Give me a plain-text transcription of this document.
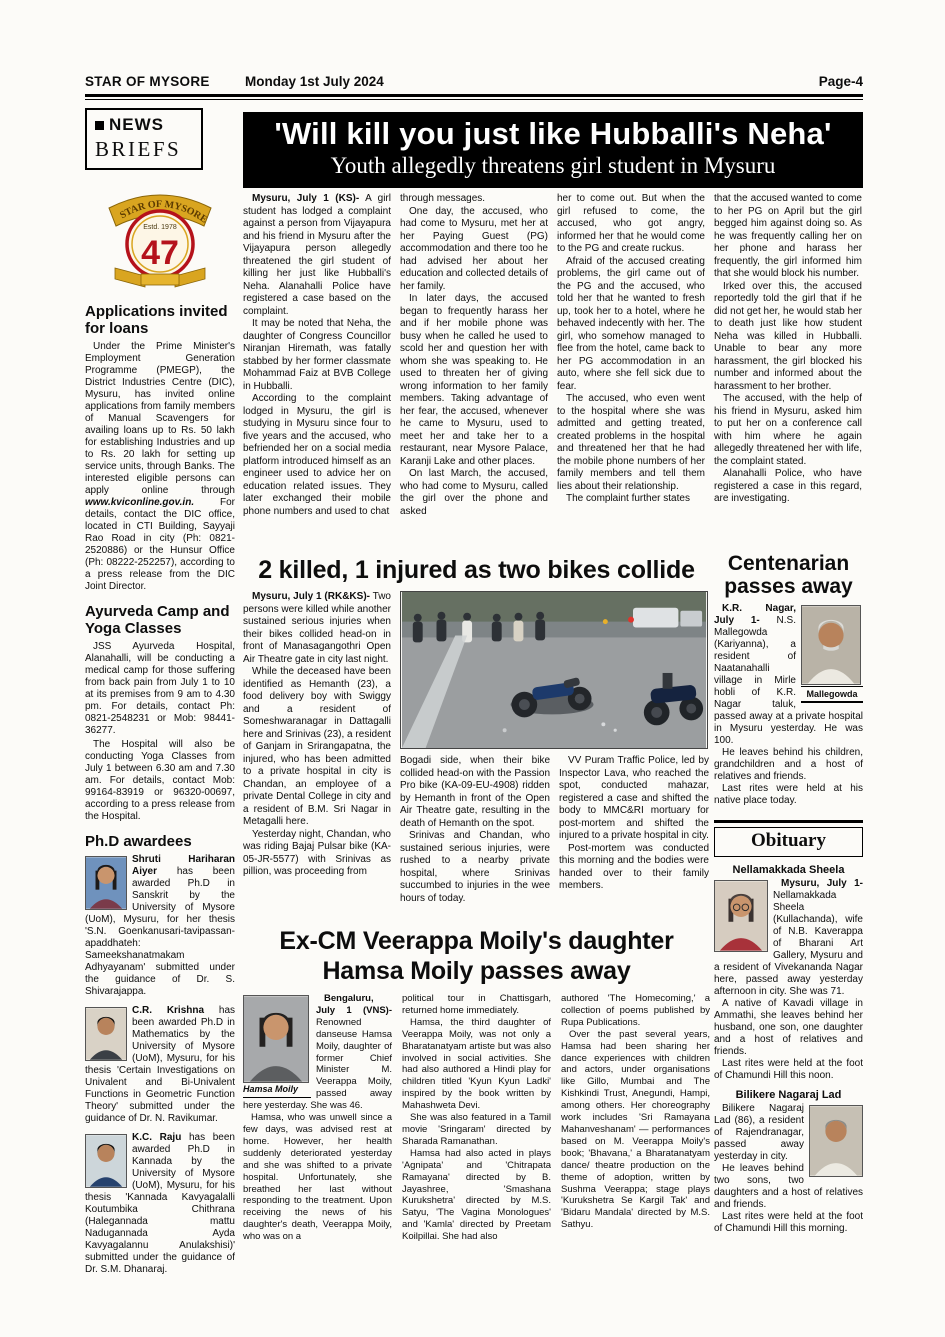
STAR OF MYSORE	Monday 1st July 2024	Page-4
NEWS
BRIEFS
STAR OF MYSORE
Estd. 1978
47
Applications invited for loans

Under the Prime Minister's Employment Generation Programme (PMEGP), the District Industries Centre (DIC), Mysuru, has invited online applications from family members of Manual Scavengers for availing loans up to Rs. 50 lakh for establishing Industries and up to Rs. 20 lakh for setting up service units, through Banks. The interested eligible persons can apply online through www.kviconline.gov.in. For details, contact the DIC office, located in CTI Building, Sayyaji Rao Road in city (Ph: 0821-2520886) or the Hunsur Office (Ph: 08222-252257), according to a press release from the DIC Joint Director.

Ayurveda Camp and Yoga Classes

JSS Ayurveda Hospital, Alanahalli, will be conducting a medical camp for those suffering from back pain from July 1 to 10 at its premises from 9 am to 4.30 pm. For details, contact Ph: 0821-2548231 or Mob: 98441-36277.

The Hospital will also be conducting Yoga Classes from July 1 between 6.30 am and 7.30 am. For details, contact Mob: 99164-83919 or 96320-00697, according to a press release from the Hospital.

Ph.D awardees

Shruti Hariharan Aiyer has been awarded Ph.D in Sanskrit by the University of Mysore (UoM), Mysuru, for her thesis 'S.N. Goenkanusari-tavipassan-apaddhateh: Sameekshanatmakam Adhyayanam' submitted under the guidance of Dr. S. Shivarajappa.

C.R. Krishna has been awarded Ph.D in Mathematics by the University of Mysore (UoM), Mysuru, for his thesis 'Certain Investigations on Univalent and Bi-Univalent Functions in Geometric Function Theory' submitted under the guidance of Dr. N. Ravikumar.

K.C. Raju has been awarded Ph.D in Kannada by the University of Mysore (UoM), Mysuru, for his thesis 'Kannada Kavyagalalli Koutumbika Chithrana (Halegannada mattu Nadugannada Ayda Kavyagalannu Anulakshisi)' submitted under the guidance of Dr. S.M. Dhanaraj.

'Will kill you just like Hubballi's Neha'
Youth allegedly threatens girl student in Mysuru

Mysuru, July 1 (KS)- A girl student has lodged a complaint against a person from Vijayapura and his friend in Mysuru after the Vijayapura person allegedly threatened the girl student of killing her just like Hubballi's Neha. Alanahalli Police have registered a case based on the complaint.

It may be noted that Neha, the daughter of Congress Councillor Niranjan Hiremath, was fatally stabbed by her former classmate Mohammad Faiz at BVB College in Hubballi.

According to the complaint lodged in Mysuru, the girl is studying in Mysuru since four to five years and the accused, who befriended her on a social media platform introduced himself as an engineer used to advice her on education related issues. They later exchanged their mobile phone numbers and used to chat

through messages.

One day, the accused, who had come to Mysuru, met her at her Paying Guest (PG) accommodation and there too he had advised her about her education and collected details of her family.

In later days, the accused began to frequently harass her and if her mobile phone was busy when he called he used to scold her and question her with whom she was speaking to. He used to threaten her of giving wrong information to her family members. Taking advantage of her fear, the accused, whenever he came to Mysuru, used to meet her and take her to a restaurant, near Mysore Palace, Karanji Lake and other places.

On last March, the accused, who had come to Mysuru, called the girl over the phone and asked

her to come out. But when the girl refused to come, the accused, who got angry, informed her that he would come to the PG and create ruckus.

Afraid of the accused creating problems, the girl came out of the PG and the accused, who told her that he wanted to fresh up, took her to a hotel, where he behaved indecently with her. The girl, who somehow managed to flee from the hotel, came back to her PG accommodation in an auto, where she fell sick due to fear.

The accused, who even went to the hospital where she was admitted and getting treated, created problems in the hospital and threatened her that he had the mobile phone numbers of her family members and tell them lies about their relationship.

The complaint further states

that the accused wanted to come to her PG on April but the girl begged him against doing so. As he was frequently calling her on her phone and harass her frequently, the girl informed him that she would block his number.

Irked over this, the accused reportedly told the girl that if he did not get her, he would stab her to death just like how student Neha was killed in Hubballi. Unable to bear any more harassment, the girl blocked his number and informed about the harassment to her brother.

The accused, with the help of his friend in Mysuru, asked him to put her on a conference call with him where he again allegedly threatened her with life, the complaint stated.

Alanahalli Police, who have registered a case in this regard, are investigating.

2 killed, 1 injured as two bikes collide

Mysuru, July 1 (RK&KS)- Two persons were killed while another sustained serious injuries when their bikes collided head-on in front of Manasagangothri Open Air Theatre gate in city last night.

While the deceased have been identified as Hemanth (23), a food delivery boy with Swiggy and a resident of Someshwaranagar in Dattagalli here and Srinivas (23), a resident of Ganjam in Srirangapatna, the injured, who has been admitted to a private hospital in city is Chandan, an employee of a private Dental College in city and a resident of B.M. Sri Nagar in Metagalli here.

Yesterday night, Chandan, who was riding Bajaj Pulsar bike (KA-05-JR-5577) with Srinivas as pillion, was proceeding from

Bogadi side, when their bike collided head-on with the Passion Pro bike (KA-09-EU-4908) ridden by Hemanth in front of the Open Air Theatre gate, resulting in the death of Hemanth on the spot.

Srinivas and Chandan, who sustained serious injuries, were rushed to a nearby private hospital, where Srinivas succumbed to injuries in the wee hours of today.

VV Puram Traffic Police, led by Inspector Lava, who reached the spot, conducted mahazar, registered a case and shifted the body to MMC&RI mortuary for post-mortem and shifted the injured to a private hospital in city.

Post-mortem was conducted this morning and the bodies were handed over to their family members.

Centenarian
passes away
Mallegowda

K.R. Nagar, July 1- N.S. Mallegowda (Kariyanna), a resident of Naatanahalli village in Mirle hobli of K.R. Nagar taluk, passed away at a private hospital in Mysuru yesterday. He was 100.

He leaves behind his children, grandchildren and a host of relatives and friends.

Last rites were held at his native place today.

Obituary
Nellamakkada Sheela

Mysuru, July 1- Nellamakkada Sheela (Kullachanda), wife of N.B. Kaverappa of Bharani Art Gallery, Mysuru and a resident of Vivekananda Nagar here, passed away yesterday afternoon in city. She was 71.

A native of Kavadi village in Ammathi, she leaves behind her husband, one son, one daughter and a host of relatives and friends.

Last rites were held at the foot of Chamundi Hill this noon.

Bilikere Nagaraj Lad

Bilikere Nagaraj Lad (86), a resident of Rajendranagar, passed away yesterday in city.

He leaves behind two sons, two daughters and a host of relatives and friends.

Last rites were held at the foot of Chamundi Hill this morning.

Ex-CM Veerappa Moily's daughter
Hamsa Moily passes away
Hamsa Moily

Bengaluru, July 1 (VNS)- Renowned danseuse Hamsa Moily, daughter of former Chief Minister M. Veerappa Moily, passed away here yesterday. She was 46.

Hamsa, who was unwell since a few days, was advised rest at home. However, her health suddenly deteriorated yesterday and she was shifted to a private hospital. Unfortunately, she breathed her last without responding to the treatment. Upon receiving the news of his daughter's death, Veerappa Moily, who was on a

political tour in Chattisgarh, returned home immediately.

Hamsa, the third daughter of Veerappa Moily, was not only a Bharatanatyam artiste but was also involved in social activities. She had also authored a Hindi play for children titled 'Kyun Kyun Ladki' inspired by the book written by Mahashweta Devi.

She was also featured in a Tamil movie 'Sringaram' directed by Sharada Ramanathan.

Hamsa had also acted in plays 'Agnipata' and 'Chitrapata Ramayana' directed by B. Jayashree, 'Smashana Kurukshetra' directed by M.S. Satyu, 'The Vagina Monologues' and 'Kamla' directed by Preetam Koilpillai. She had also

authored 'The Homecoming,' a collection of poems published by Rupa Publications.

Over the past several years, Hamsa had been sharing her dance experiences with children and actors, under organisations like Gillo, Mumbai and The Kishkindi Trust, Anegundi, Hampi, among others. Her choreography work includes 'Sri Ramayana Mahanveshanam' — performances based on M. Veerappa Moily's book; 'Bhavana,' a Bharatanatyam dance/ theatre production on the theme of adoption, written by Sushma Veerappa; stage plays 'Kurukshetra Se Kargil Tak' and 'Bidaru Mandala' directed by M.S. Sathyu.
